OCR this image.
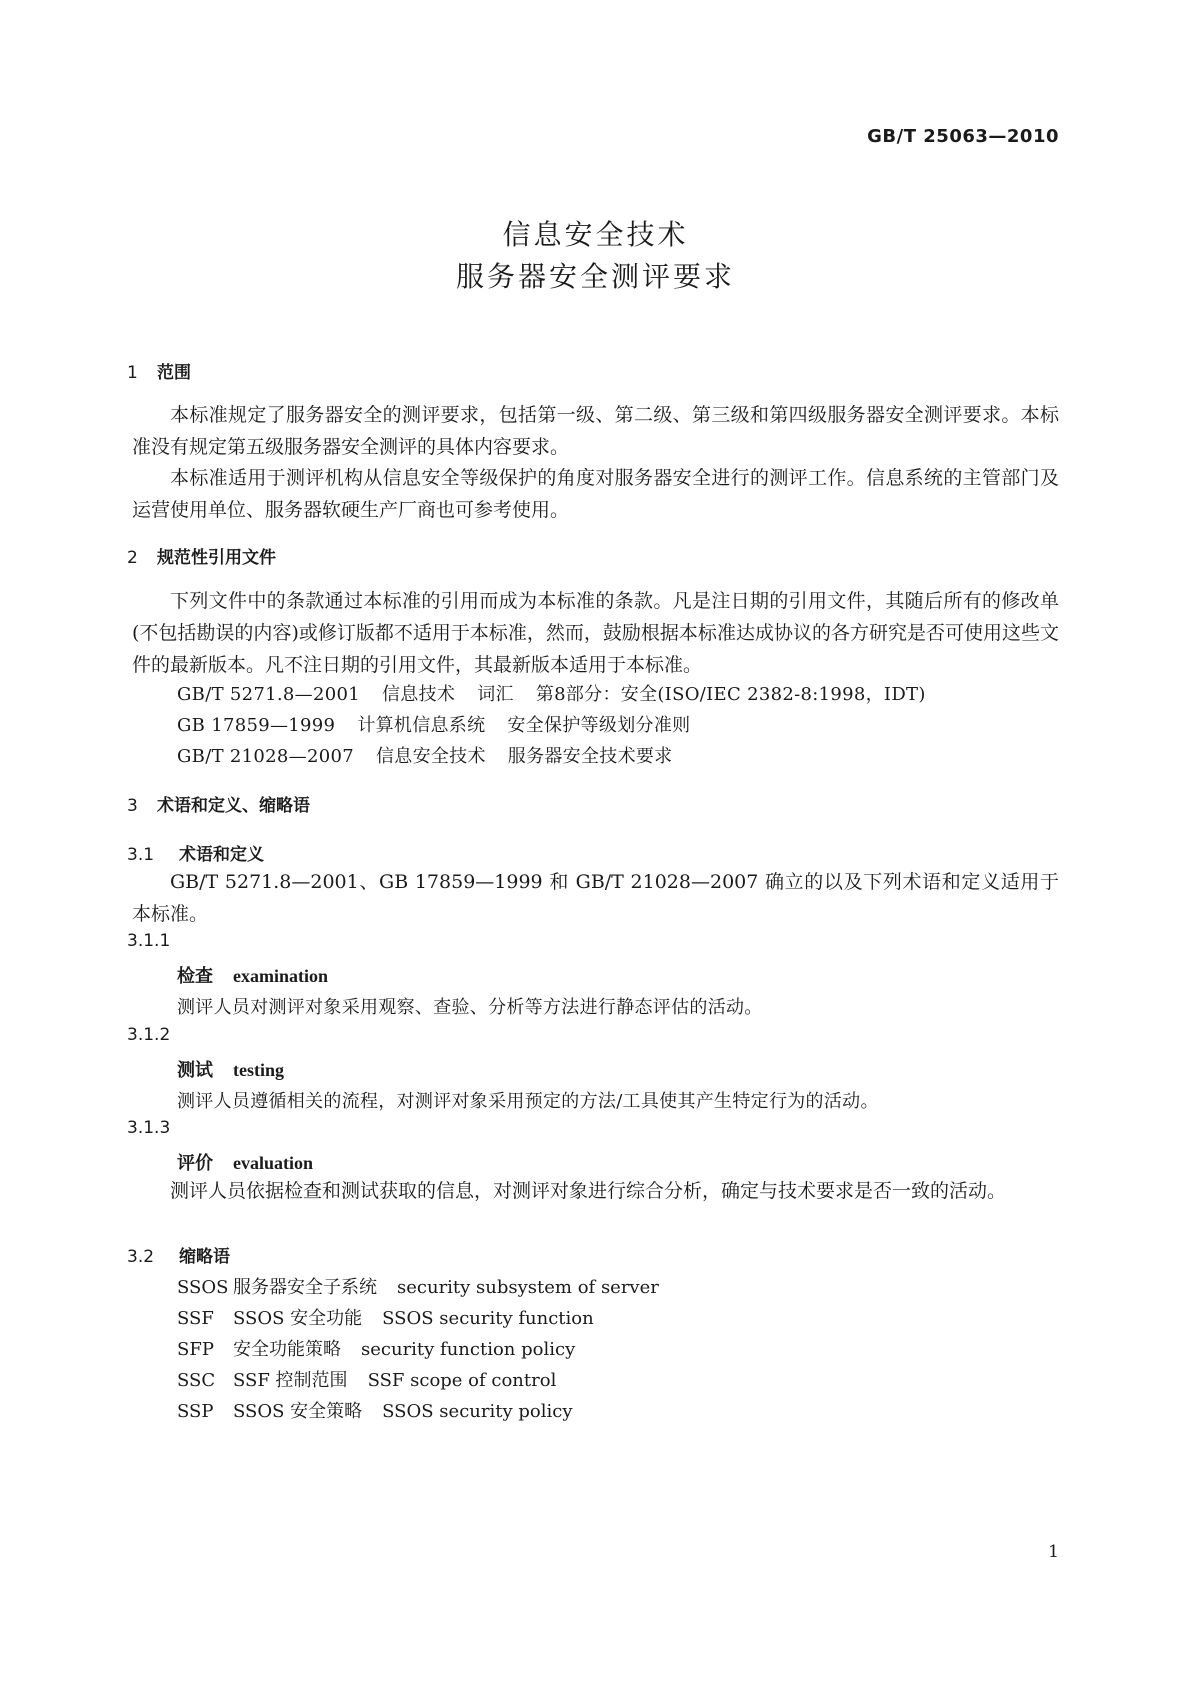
GB/T 25063—2010
信息安全技术
服务器安全测评要求
1 范围
本标准规定了服务器安全的测评要求，包括第一级、第二级、第三级和第四级服务器安全测评要求。本标准没有规定第五级服务器安全测评的具体内容要求。
本标准适用于测评机构从信息安全等级保护的角度对服务器安全进行的测评工作。信息系统的主管部门及运营使用单位、服务器软硬生产厂商也可参考使用。
2 规范性引用文件
下列文件中的条款通过本标准的引用而成为本标准的条款。凡是注日期的引用文件，其随后所有的修改单(不包括勘误的内容)或修订版都不适用于本标准，然而，鼓励根据本标准达成协议的各方研究是否可使用这些文件的最新版本。凡不注日期的引用文件，其最新版本适用于本标准。
GB/T 5271.8—2001 信息技术 词汇 第8部分：安全(ISO/IEC 2382-8:1998，IDT)
GB 17859—1999 计算机信息系统 安全保护等级划分准则
GB/T 21028—2007 信息安全技术 服务器安全技术要求
3 术语和定义、缩略语
3.1 术语和定义
GB/T 5271.8—2001、GB 17859—1999 和 GB/T 21028—2007 确立的以及下列术语和定义适用于本标准。
3.1.1
检查 examination
测评人员对测评对象采用观察、查验、分析等方法进行静态评估的活动。
3.1.2
测试 testing
测评人员遵循相关的流程，对测评对象采用预定的方法/工具使其产生特定行为的活动。
3.1.3
评价 evaluation
测评人员依据检查和测试获取的信息，对测评对象进行综合分析，确定与技术要求是否一致的活动。
3.2 缩略语
SSOS 服务器安全子系统 security subsystem of server
SSF SSOS 安全功能 SSOS security function
SFP 安全功能策略 security function policy
SSC SSF 控制范围 SSF scope of control
SSP SSOS 安全策略 SSOS security policy
1
